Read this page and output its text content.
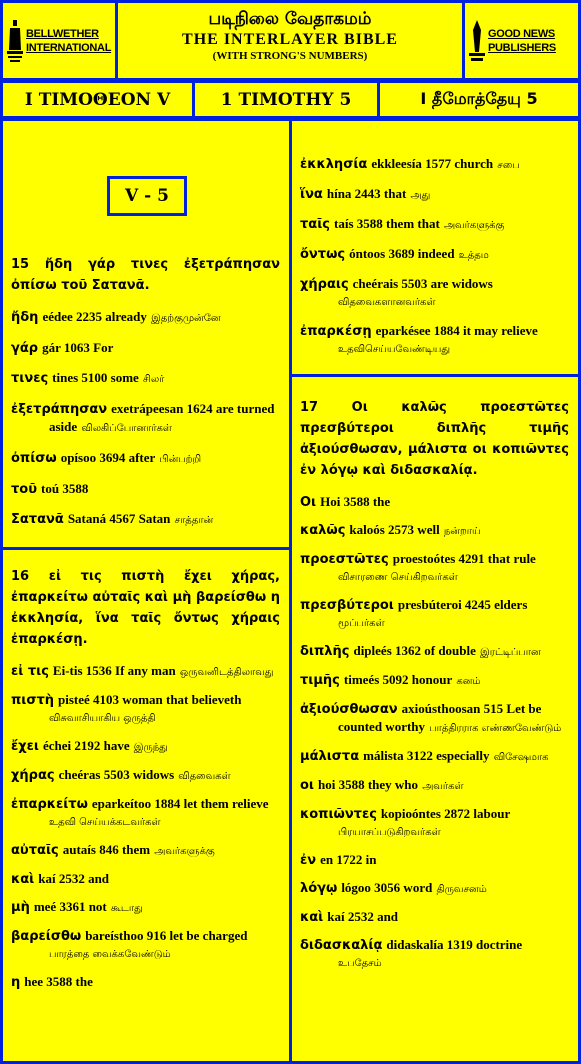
BELLWETHER
INTERNATIONAL
படிநிலை வேதாகமம்
THE INTERLAYER BIBLE
(WITH STRONG'S NUMBERS)
GOOD NEWS
PUBLISHERS
I TIMOΘEON V	1 TIMOTHY 5	I தீமோத்தேயு 5
V - 5
15 ἤδη γάρ τινες ἐξετράπησαν ὀπίσω τοῦ Σατανᾶ.

ἤδη eédee 2235 already இதற்குமுன்னே

γάρ gár 1063 For

τινες tines 5100 some சிலர்

ἐξετράπησαν exetrápeesan 1624 are turned aside விலகிப்போனார்கள்

ὀπίσω opísoo 3694 after பின்பற்றி

τοῦ toú 3588

Σατανᾶ Sataná 4567 Satan சாத்தான்

16 εἰ τις πιστὴ ἔχει χήρας, ἐπαρκείτω αὐταῖς καὶ μὴ βαρείσθω η ἐκκλησία, ἵνα ταῖς ὄντως χήραις ἐπαρκέσῃ.

εἰ τις Ei-tis 1536 If any man ஒருவனிடத்திலாவது

πιστὴ pisteé 4103 woman that believeth விசுவாசியாகிய ஒருத்தி

ἔχει échei 2192 have இருந்து

χήρας cheéras 5503 widows விதவைகள்

ἐπαρκείτω eparkeítoo 1884 let them relieve உதவி செய்யக்கடவர்கள்

αὐταῖς autaís 846 them அவர்களுக்கு

καὶ kaí 2532 and

μὴ meé 3361 not கூடாது

βαρείσθω bareísthoo 916 let be charged பாரத்தை வைக்கவேண்டும்

η hee 3588 the

ἐκκλησία ekkleesía 1577 church சபை

ἵνα hína 2443 that அது

ταῖς taís 3588 them that அவர்களுக்கு

ὄντως óntoos 3689 indeed உத்தம

χήραις cheérais 5503 are widows விதவைகளானவர்கள்

ἐπαρκέσῃ eparkésee 1884 it may relieve உதவிசெய்யவேண்டியது

17 Οι καλῶς προεστῶτες πρεσβύτεροι διπλῆς τιμῆς ἀξιούσθωσαν, μάλιστα οι κοπιῶντες ἐν λόγῳ καὶ διδασκαλίᾳ.

Οι Hoi 3588 the

καλῶς kaloós 2573 well நன்றாய்

προεστῶτες proestoótes 4291 that rule விசாரணை செய்கிறவர்கள்

πρεσβύτεροι presbúteroi 4245 elders மூப்பர்கள்

διπλῆς dipleés 1362 of double இரட்டிப்பான

τιμῆς timeés 5092 honour கனம்

ἀξιούσθωσαν axioústhoosan 515 Let be counted worthy பாத்திரராக எண்ணவேண்டும்

μάλιστα málista 3122 especially விசேஷமாக

οι hoi 3588 they who அவர்கள்

κοπιῶντες kopioóntes 2872 labour பிரயாசப்படுகிறவர்கள்

ἐν en 1722 in

λόγῳ lógoo 3056 word திருவசனம்

καὶ kaí 2532 and

διδασκαλίᾳ didaskalía 1319 doctrine உபதேசம்
